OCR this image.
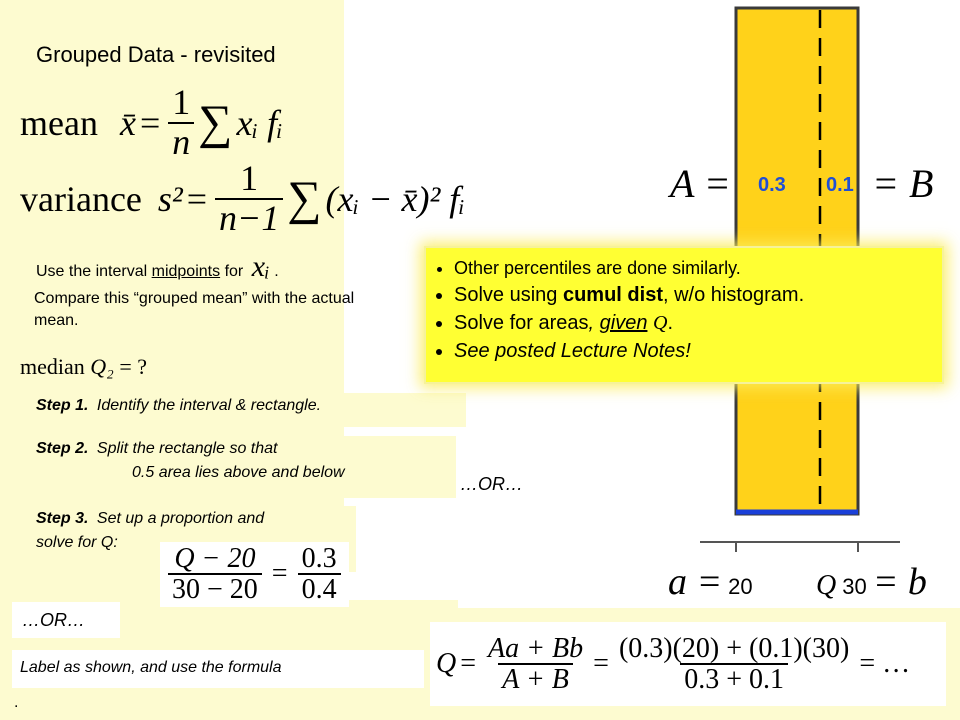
Grouped Data - revisited
mean x̄ = $\frac{1}{n}$ ∑ xᵢ fᵢ
variance $s^2 = \frac{1}{n-1}$ ∑ (xᵢ − x̄)² fᵢ
Use the interval midpoints for xᵢ .
Compare this “grouped mean” with the actual mean.
median Q₂ = ?
Step 1. Identify the interval & rectangle.
Step 2. Split the rectangle so that
0.5 area lies above and below
…OR…
Step 3. Set up a proportion and
solve for Q:
$\frac{Q - 20}{30 - 20} = \frac{0.3}{0.4}$
…OR…
Label as shown, and use the formula
.
$Q = \frac{Aa + Bb}{A + B} = \frac{(0.3)(20) + (0.1)(30)}{0.3 + 0.1}$ = …
A = 0.3 0.1 = B
a = 20 Q 30 = b
• Other percentiles are done similarly.
• Solve using cumul dist, w/o histogram.
• Solve for areas, given Q.
• See posted Lecture Notes!
